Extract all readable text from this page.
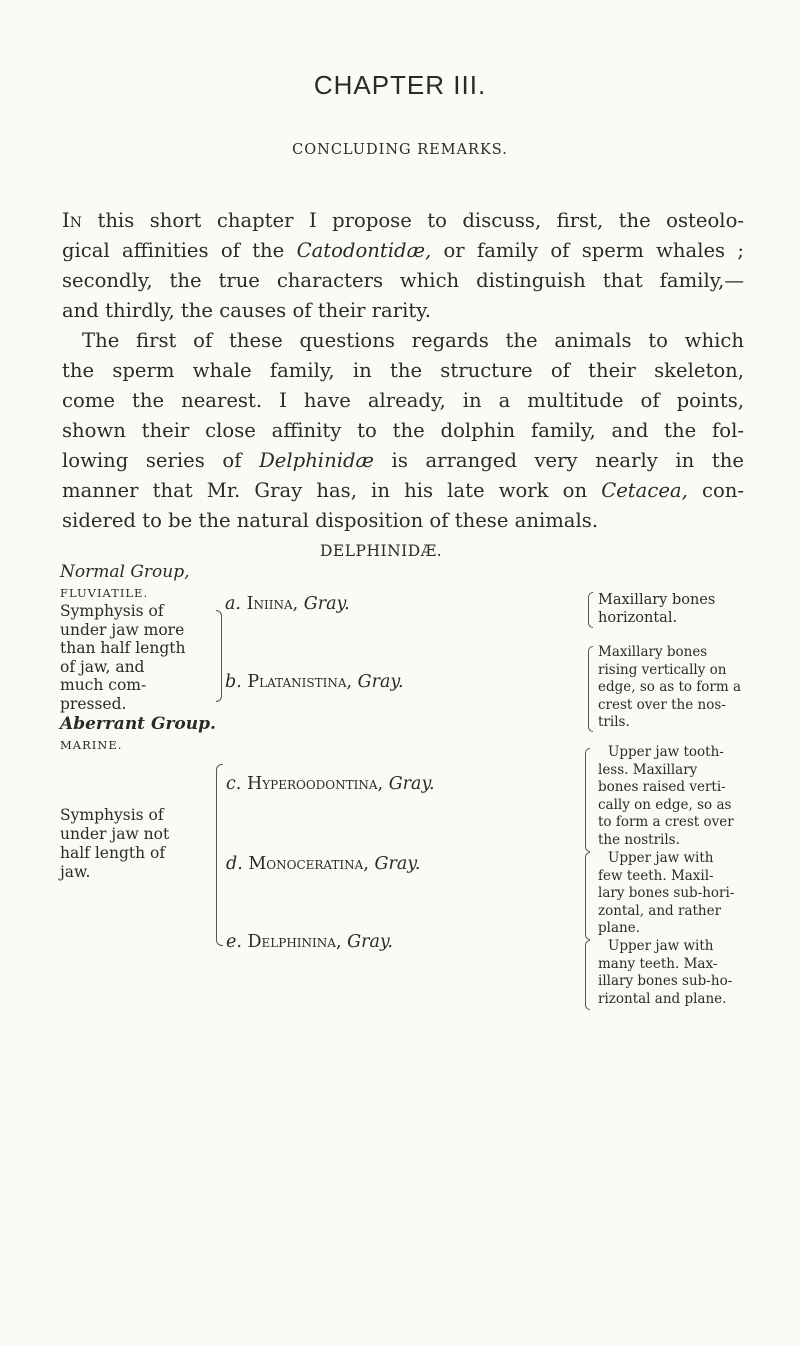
CHAPTER III.
CONCLUDING REMARKS.
In this short chapter I propose to discuss, first, the osteolo-
gical affinities of the Catodontidæ, or family of sperm whales ;
secondly, the true characters which distinguish that family,—
and thirdly, the causes of their rarity.
The first of these questions regards the animals to which
the sperm whale family, in the structure of their skeleton,
come the nearest. I have already, in a multitude of points,
shown their close affinity to the dolphin family, and the fol-
lowing series of Delphinidæ is arranged very nearly in the
manner that Mr. Gray has, in his late work on Cetacea, con-
sidered to be the natural disposition of these animals.
DELPHINIDÆ.
Normal Group,
FLUVIATILE.
Symphysis of
under jaw more
than half length
of jaw, and
much com-
pressed.
Aberrant Group.
MARINE.
Symphysis of
under jaw not
half length of
jaw.
a. Iniina, Gray.
b. Platanistina, Gray.
c. Hyperoodontina, Gray.
d. Monoceratina, Gray.
e. Delphinina, Gray.
Maxillary bones
horizontal.
Maxillary bones
rising vertically on
edge, so as to form a
crest over the nos-
trils.
Upper jaw tooth-
less. Maxillary
bones raised verti-
cally on edge, so as
to form a crest over
the nostrils.
Upper jaw with
few teeth. Maxil-
lary bones sub-hori-
zontal, and rather
plane.
Upper jaw with
many teeth. Max-
illary bones sub-ho-
rizontal and plane.
